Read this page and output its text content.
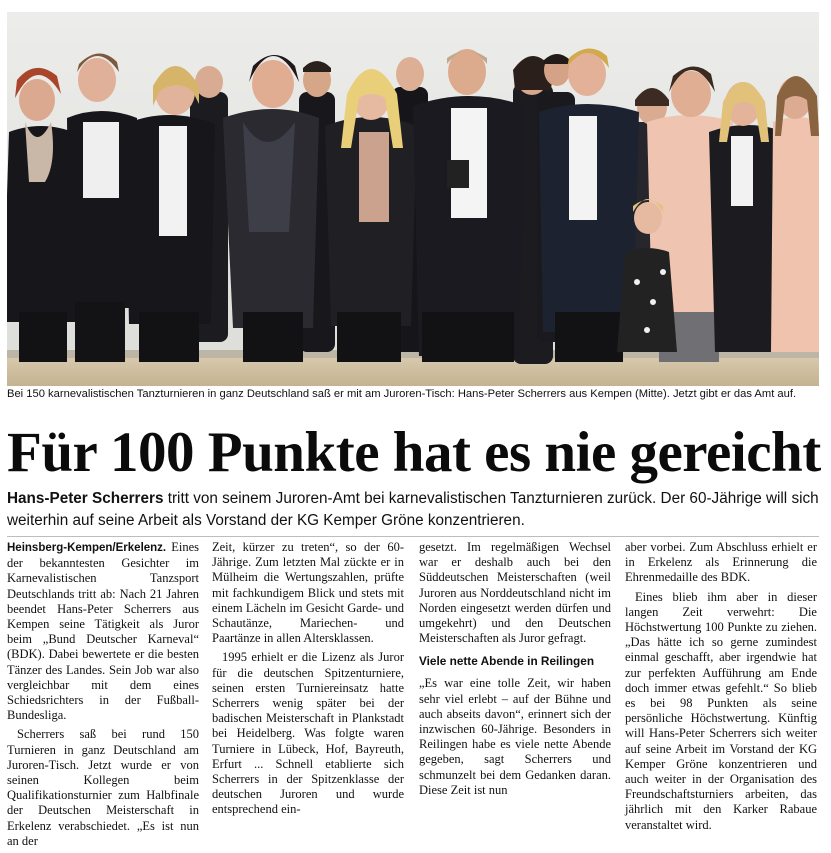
Bei 150 karnevalistischen Tanzturnieren in ganz Deutschland saß er mit am Juroren-Tisch: Hans-Peter Scherrers aus Kempen (Mitte). Jetzt gibt er das Amt auf.
Für 100 Punkte hat es nie gereicht

Hans-Peter Scherrers tritt von seinem Juroren-Amt bei karnevalistischen Tanzturnieren zurück. Der 60-Jährige will sich weiterhin auf seine Arbeit als Vorstand der KG Kemper Gröne konzentrieren.

Heinsberg-Kempen/Erkelenz. Eines der bekanntesten Gesichter im Karnevalistischen Tanzsport Deutschlands tritt ab: Nach 21 Jahren beendet Hans-Peter Scherrers aus Kempen seine Tätigkeit als Juror beim „Bund Deutscher Karneval“ (BDK). Dabei bewertete er die besten Tänzer des Landes. Sein Job war also vergleichbar mit dem eines Schiedsrichters in der Fußball-Bundesliga.

Scherrers saß bei rund 150 Turnieren in ganz Deutschland am Juroren-Tisch. Jetzt wurde er von seinen Kollegen beim Qualifikationsturnier zum Halbfinale der Deutschen Meisterschaft in Erkelenz verabschiedet. „Es ist nun an der

Zeit, kürzer zu treten“, so der 60-Jährige. Zum letzten Mal zückte er in Mülheim die Wertungszahlen, prüfte mit fachkundigem Blick und stets mit einem Lächeln im Gesicht Garde- und Schautänze, Mariechen- und Paartänze in allen Altersklassen.

1995 erhielt er die Lizenz als Juror für die deutschen Spitzenturniere, seinen ersten Turniereinsatz hatte Scherrers wenig später bei der badischen Meisterschaft in Plankstadt bei Heidelberg. Was folgte waren Turniere in Lübeck, Hof, Bayreuth, Erfurt ... Schnell etablierte sich Scherrers in der Spitzenklasse der deutschen Juroren und wurde entsprechend ein-

gesetzt. Im regelmäßigen Wechsel war er deshalb auch bei den Süddeutschen Meisterschaften (weil Juroren aus Norddeutschland nicht im Norden eingesetzt werden dürfen und umgekehrt) und den Deutschen Meisterschaften als Juror gefragt.

Viele nette Abende in Reilingen

„Es war eine tolle Zeit, wir haben sehr viel erlebt – auf der Bühne und auch abseits davon“, erinnert sich der inzwischen 60-Jährige. Besonders in Reilingen habe es viele nette Abende gegeben, sagt Scherrers und schmunzelt bei dem Gedanken daran. Diese Zeit ist nun

aber vorbei. Zum Abschluss erhielt er in Erkelenz als Erinnerung die Ehrenmedaille des BDK.

Eines blieb ihm aber in dieser langen Zeit verwehrt: Die Höchstwertung 100 Punkte zu ziehen. „Das hätte ich so gerne zumindest einmal geschafft, aber irgendwie hat zur perfekten Aufführung am Ende doch immer etwas gefehlt.“ So blieb es bei 98 Punkten als seine persönliche Höchstwertung. Künftig will Hans-Peter Scherrers sich weiter auf seine Arbeit im Vorstand der KG Kemper Gröne konzentrieren und auch weiter in der Organisation des Freundschaftsturniers arbeiten, das jährlich mit den Karker Rabaue veranstaltet wird.
